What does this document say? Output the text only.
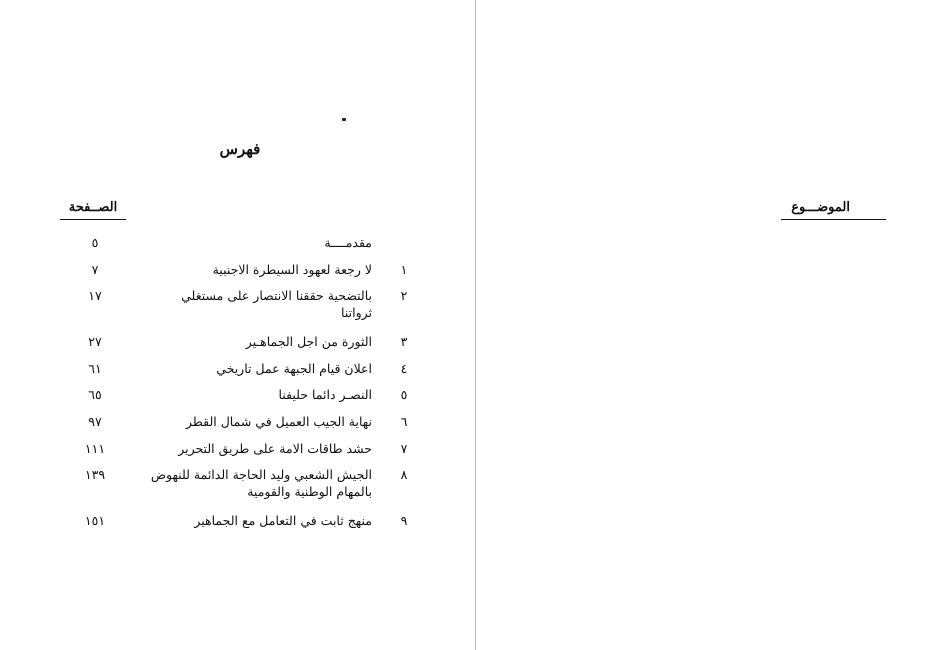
فهرس
الموضـــوع
الصــفحة
مقدمــــة
٥
١
لا رجعة لعهود السيطرة الاجنبية
٧
٢
بالتضحية حققنا الانتصار على مستغلي ثرواتنا
١٧
٣
الثورة من اجل الجماهـير
٢٧
٤
اعلان قيام الجبهة عمل تاريخي
٦١
٥
النصـر دائما حليفنا
٦٥
٦
نهاية الجيب العميل في شمال القطر
٩٧
٧
حشد طاقات الامة على طريق التحرير
١١١
٨
الجيش الشعبي وليد الحاجة الدائمة للنهوض بالمهام الوطنية والقومية
١٣٩
٩
منهج ثابت في التعامل مع الجماهير
١٥١
